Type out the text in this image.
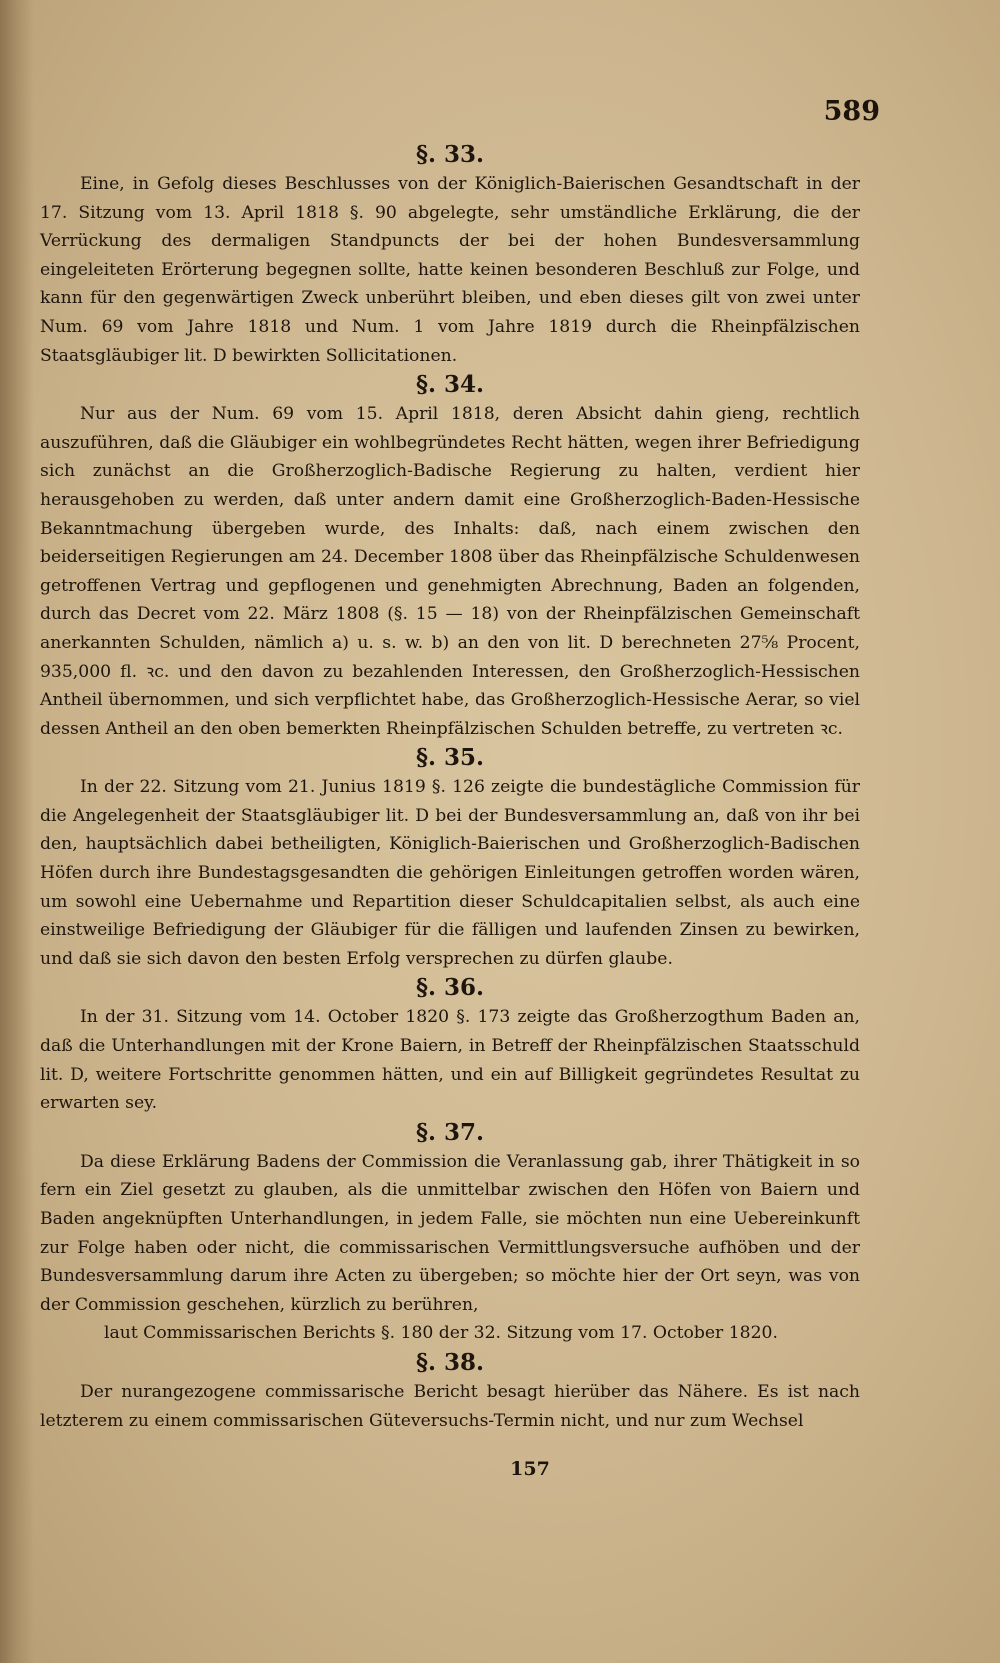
589
§. 33.

Eine, in Gefolg dieses Beschlusses von der Königlich-Baierischen Gesandtschaft in der 17. Sitzung vom 13. April 1818 §. 90 abgelegte, sehr umständliche Erklärung, die der Verrückung des dermaligen Standpuncts der bei der hohen Bundesversammlung eingeleiteten Erörterung begegnen sollte, hatte keinen besonderen Beschluß zur Folge, und kann für den gegenwärtigen Zweck unberührt bleiben, und eben dieses gilt von zwei unter Num. 69 vom Jahre 1818 und Num. 1 vom Jahre 1819 durch die Rheinpfälzischen Staatsgläubiger lit. D bewirkten Sollicitationen.

§. 34.

Nur aus der Num. 69 vom 15. April 1818, deren Absicht dahin gieng, rechtlich auszuführen, daß die Gläubiger ein wohlbegründetes Recht hätten, wegen ihrer Befriedigung sich zunächst an die Großherzoglich-Badische Regierung zu halten, verdient hier herausgehoben zu werden, daß unter andern damit eine Großherzoglich-Baden-Hessische Bekanntmachung übergeben wurde, des Inhalts: daß, nach einem zwischen den beiderseitigen Regierungen am 24. December 1808 über das Rheinpfälzische Schuldenwesen getroffenen Vertrag und gepflogenen und genehmigten Abrechnung, Baden an folgenden, durch das Decret vom 22. März 1808 (§. 15 — 18) von der Rheinpfälzischen Gemeinschaft anerkannten Schulden, nämlich a) u. s. w. b) an den von lit. D berechneten 27⅝ Procent, 935,000 fl. ꝛc. und den davon zu bezahlenden Interessen, den Großherzoglich-Hessischen Antheil übernommen, und sich verpflichtet habe, das Großherzoglich-Hessische Aerar, so viel dessen Antheil an den oben bemerkten Rheinpfälzischen Schulden betreffe, zu vertreten ꝛc.

§. 35.

In der 22. Sitzung vom 21. Junius 1819 §. 126 zeigte die bundestägliche Commission für die Angelegenheit der Staatsgläubiger lit. D bei der Bundesversammlung an, daß von ihr bei den, hauptsächlich dabei betheiligten, Königlich-Baierischen und Großherzoglich-Badischen Höfen durch ihre Bundestagsgesandten die gehörigen Einleitungen getroffen worden wären, um sowohl eine Uebernahme und Repartition dieser Schuldcapitalien selbst, als auch eine einstweilige Befriedigung der Gläubiger für die fälligen und laufenden Zinsen zu bewirken, und daß sie sich davon den besten Erfolg versprechen zu dürfen glaube.

§. 36.

In der 31. Sitzung vom 14. October 1820 §. 173 zeigte das Großherzogthum Baden an, daß die Unterhandlungen mit der Krone Baiern, in Betreff der Rheinpfälzischen Staatsschuld lit. D, weitere Fortschritte genommen hätten, und ein auf Billigkeit gegründetes Resultat zu erwarten sey.

§. 37.

Da diese Erklärung Badens der Commission die Veranlassung gab, ihrer Thätigkeit in so fern ein Ziel gesetzt zu glauben, als die unmittelbar zwischen den Höfen von Baiern und Baden angeknüpften Unterhandlungen, in jedem Falle, sie möchten nun eine Uebereinkunft zur Folge haben oder nicht, die commissarischen Vermittlungsversuche aufhöben und der Bundesversammlung darum ihre Acten zu übergeben; so möchte hier der Ort seyn, was von der Commission geschehen, kürzlich zu berühren,

laut Commissarischen Berichts §. 180 der 32. Sitzung vom 17. October 1820.

§. 38.

Der nurangezogene commissarische Bericht besagt hierüber das Nähere. Es ist nach letzterem zu einem commissarischen Güteversuchs-Termin nicht, und nur zum Wechsel

157
